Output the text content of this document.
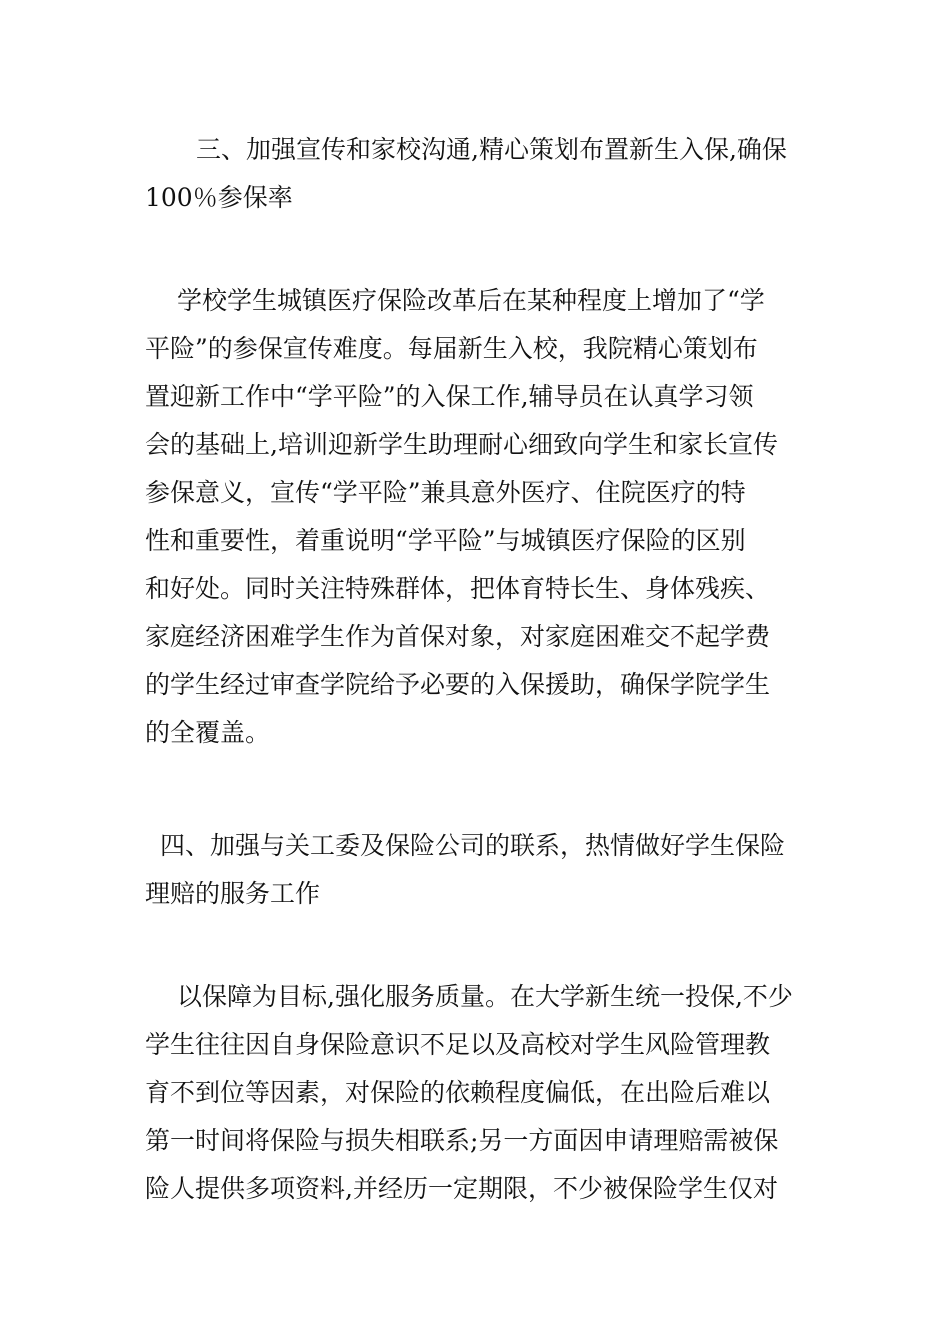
三、加强宣传和家校沟通,精心策划布置新生入保,确保
100％参保率
学校学生城镇医疗保险改革后在某种程度上增加了“学
平险”的参保宣传难度。每届新生入校，我院精心策划布
置迎新工作中“学平险”的入保工作,辅导员在认真学习领
会的基础上,培训迎新学生助理耐心细致向学生和家长宣传
参保意义，宣传“学平险”兼具意外医疗、住院医疗的特
性和重要性，着重说明“学平险”与城镇医疗保险的区别
和好处。同时关注特殊群体，把体育特长生、身体残疾、
家庭经济困难学生作为首保对象，对家庭困难交不起学费
的学生经过审查学院给予必要的入保援助，确保学院学生
的全覆盖。
四、加强与关工委及保险公司的联系，热情做好学生保险
理赔的服务工作
以保障为目标,强化服务质量。在大学新生统一投保,不少
学生往往因自身保险意识不足以及高校对学生风险管理教
育不到位等因素，对保险的依赖程度偏低，在出险后难以
第一时间将保险与损失相联系;另一方面因申请理赔需被保
险人提供多项资料,并经历一定期限，不少被保险学生仅对
